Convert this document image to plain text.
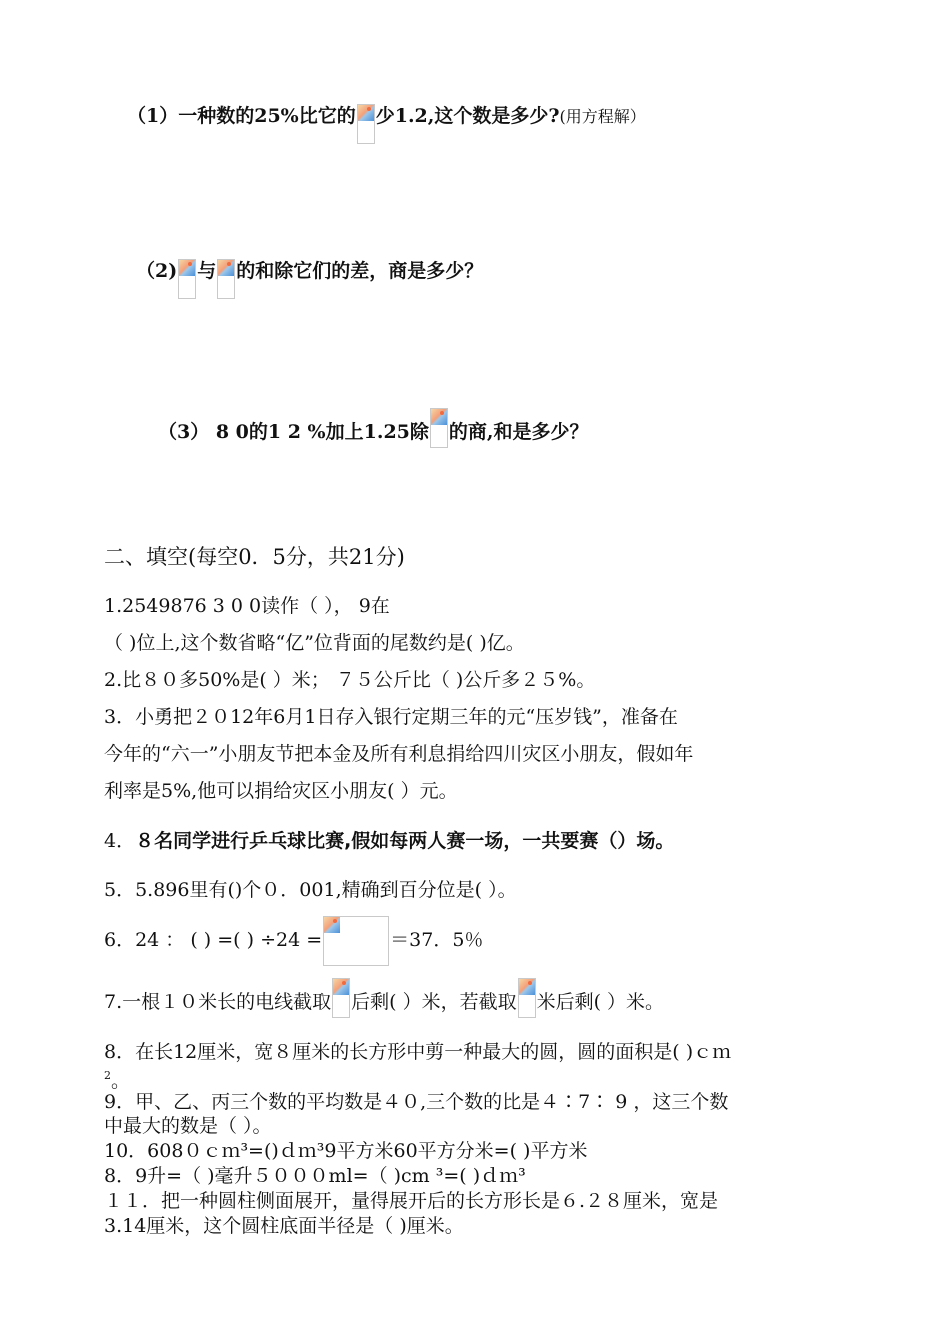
（1）一种数的25%比它的 少1.2,这个数是多少?(用方程解）
（2) 与 的和除它们的差，商是多少？
（3） 8 0的1 2 %加上1.25除 的商,和是多少？
二、填空(每空0．5分，共21分)
1.2549876 3 0 0读作（ ）， 9在
（ )位上,这个数省略“亿”位背面的尾数约是( )亿。
2.比８０多50%是( ）米； ７５公斤比（ )公斤多２５%。
3．小勇把２０12年6月1日存入银行定期三年的元“压岁钱”，准备在
今年的“六一”小朋友节把本金及所有利息捐给四川灾区小朋友，假如年
利率是5%,他可以捐给灾区小朋友( ）元。
4．８名同学进行乒乓球比赛,假如每两人赛一场，一共要赛（）场。
5．5.896里有()个０．001,精确到百分位是( ）。
6．24 ： ( ) =( ) ÷24 =	＝37．5％
7.一根１０米长的电线截取 后剩( ）米，若截取 米后剩( ）米。
8．在长12厘米，宽８厘米的长方形中剪一种最大的圆，圆的面积是( )ｃｍ
$^2$。
9．甲、乙、丙三个数的平均数是４０,三个数的比是４∶7∶ 9 ，这三个数
中最大的数是（ ）。
10．608０ｃｍ³=()ｄｍ³9平方米60平方分米=( )平方米
8．9升=（ )毫升５０００ml=（ )cm ³=( )ｄｍ³
１１．把一种圆柱侧面展开，量得展开后的长方形长是６.２８厘米，宽是
3.14厘米，这个圆柱底面半径是（ )厘米。
